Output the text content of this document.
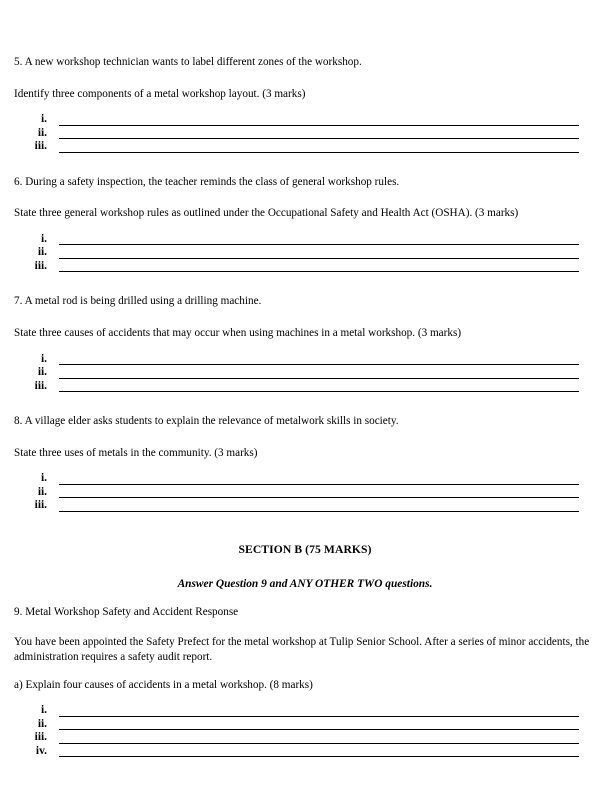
5. A new workshop technician wants to label different zones of the workshop.

Identify three components of a metal workshop layout. (3 marks)

i.
ii.
iii.

6. During a safety inspection, the teacher reminds the class of general workshop rules.

State three general workshop rules as outlined under the Occupational Safety and Health Act (OSHA). (3 marks)

i.
ii.
iii.

7. A metal rod is being drilled using a drilling machine.

State three causes of accidents that may occur when using machines in a metal workshop. (3 marks)

i.
ii.
iii.

8. A village elder asks students to explain the relevance of metalwork skills in society.

State three uses of metals in the community. (3 marks)

i.
ii.
iii.
SECTION B (75 MARKS)

Answer Question 9 and ANY OTHER TWO questions.

9. Metal Workshop Safety and Accident Response

You have been appointed the Safety Prefect for the metal workshop at Tulip Senior School. After a series of minor accidents, the administration requires a safety audit report.

a) Explain four causes of accidents in a metal workshop. (8 marks)

i.
ii.
iii.
iv.
